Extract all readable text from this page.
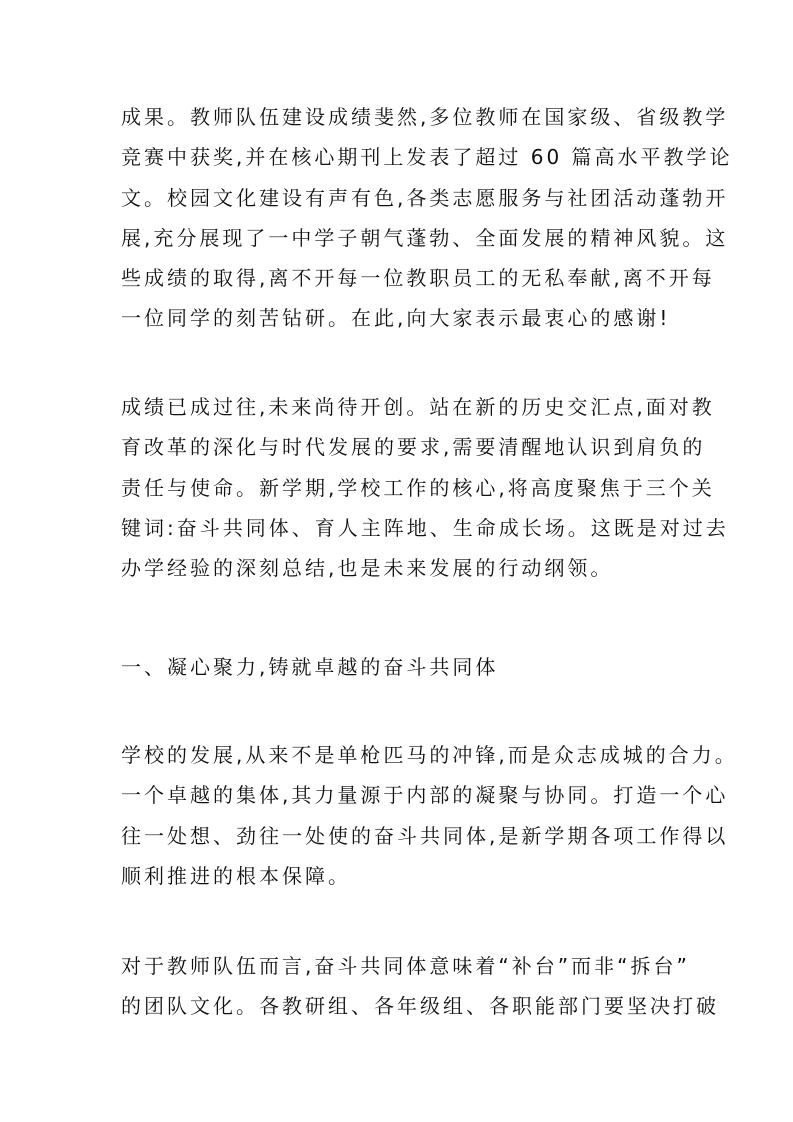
成果。教师队伍建设成绩斐然,多位教师在国家级、省级教学
竞赛中获奖,并在核心期刊上发表了超过 60 篇高水平教学论
文。校园文化建设有声有色,各类志愿服务与社团活动蓬勃开
展,充分展现了一中学子朝气蓬勃、全面发展的精神风貌。这
些成绩的取得,离不开每一位教职员工的无私奉献,离不开每
一位同学的刻苦钻研。在此,向大家表示最衷心的感谢!
成绩已成过往,未来尚待开创。站在新的历史交汇点,面对教
育改革的深化与时代发展的要求,需要清醒地认识到肩负的
责任与使命。新学期,学校工作的核心,将高度聚焦于三个关
键词:奋斗共同体、育人主阵地、生命成长场。这既是对过去
办学经验的深刻总结,也是未来发展的行动纲领。
一、凝心聚力,铸就卓越的奋斗共同体
学校的发展,从来不是单枪匹马的冲锋,而是众志成城的合力。
一个卓越的集体,其力量源于内部的凝聚与协同。打造一个心
往一处想、劲往一处使的奋斗共同体,是新学期各项工作得以
顺利推进的根本保障。
对于教师队伍而言,奋斗共同体意味着“补台”而非“拆台”
的团队文化。各教研组、各年级组、各职能部门要坚决打破
